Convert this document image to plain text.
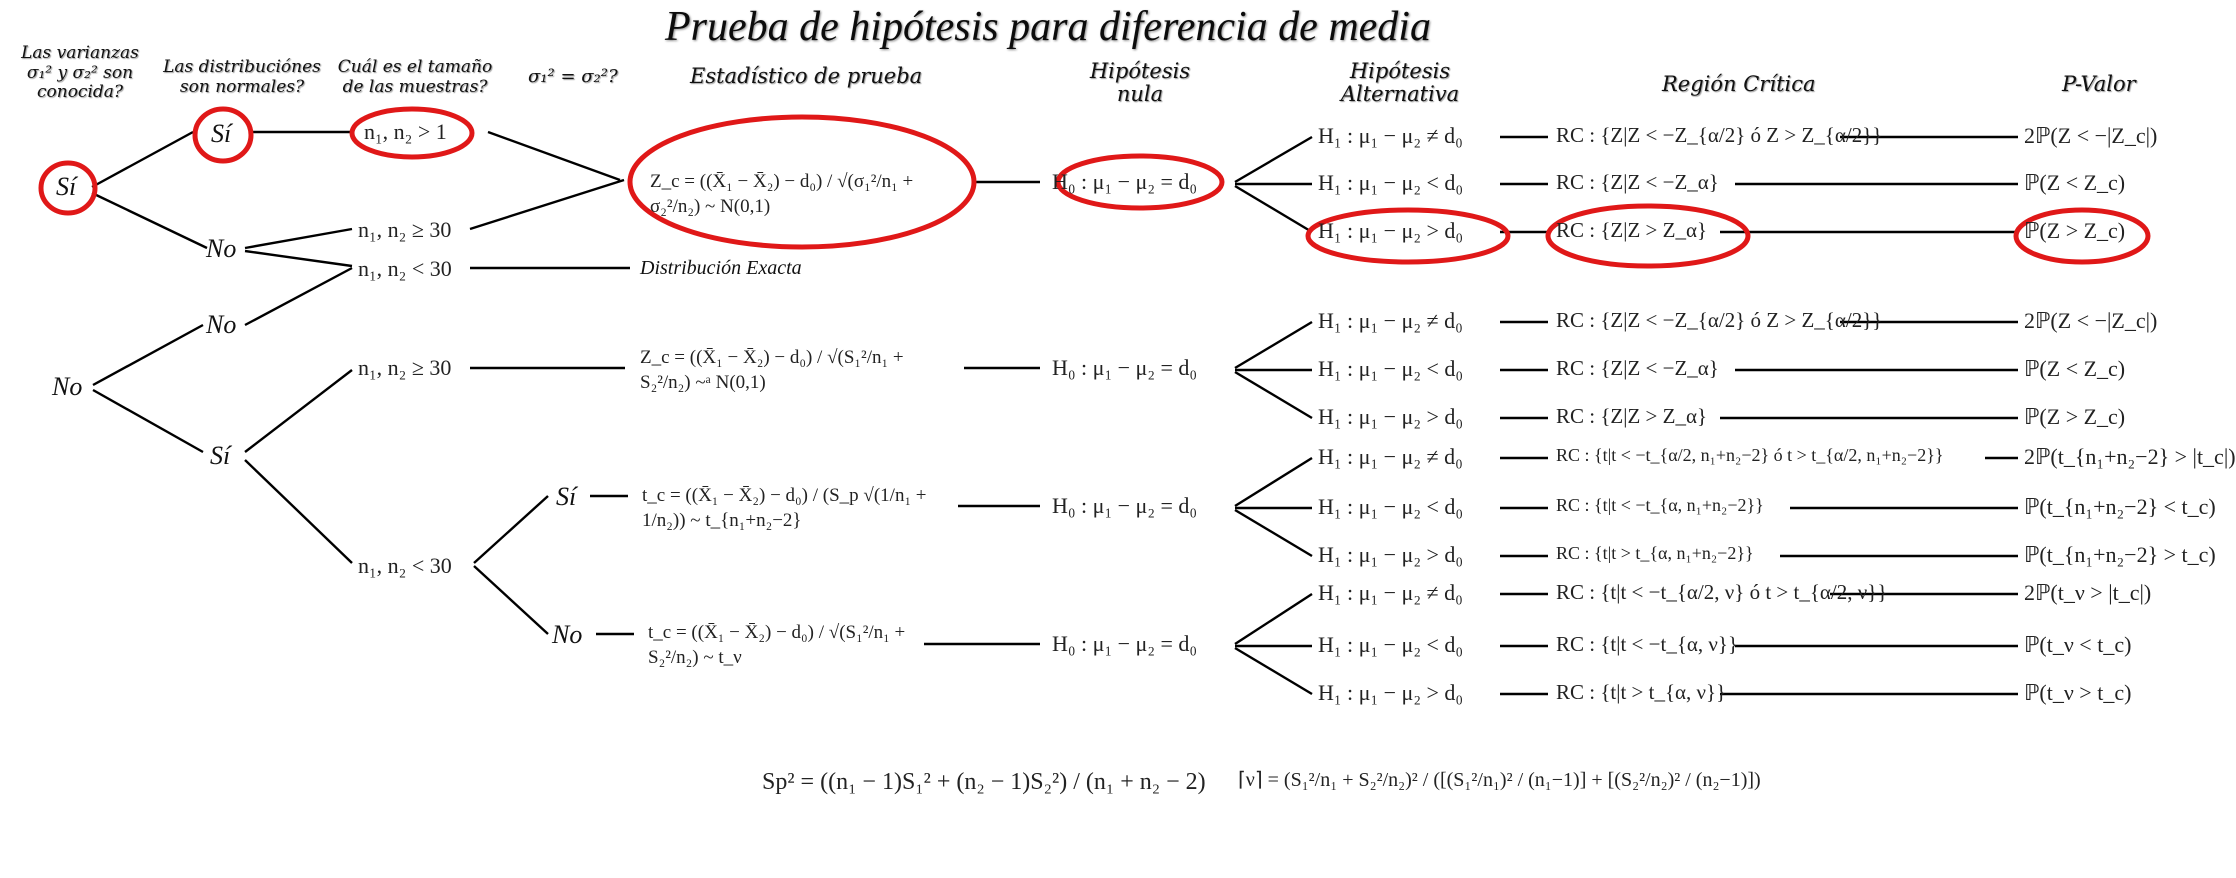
Prueba de hipótesis para diferencia de media
Las varianzas σ₁² y σ₂² son conocida?
Las distribuciónes son normales?
Cuál es el tamaño de las muestras?	σ₁² = σ₂²?	Estadístico de prueba	Hipótesis nula
Hipótesis Alternativa	Región Crítica	P-Valor
Sí
Sí
No
No
No
Sí
Sí
No
n₁, n₂ > 1
n₁, n₂ ≥ 30
n₁, n₂ < 30
n₁, n₂ ≥ 30
n₁, n₂ < 30
Distribución Exacta
Z_c = ((X̄₁ − X̄₂) − d₀) / √(σ₁²/n₁ + σ₂²/n₂) ~ N(0,1)
Z_c = ((X̄₁ − X̄₂) − d₀) / √(S₁²/n₁ + S₂²/n₂) ~ᵃ N(0,1)
t_c = ((X̄₁ − X̄₂) − d₀) / (S_p √(1/n₁ + 1/n₂)) ~ t_{n₁+n₂−2}
t_c = ((X̄₁ − X̄₂) − d₀) / √(S₁²/n₁ + S₂²/n₂) ~ t_ν
H₀ : μ₁ − μ₂ = d₀
H₀ : μ₁ − μ₂ = d₀
H₀ : μ₁ − μ₂ = d₀
H₀ : μ₁ − μ₂ = d₀
H₁ : μ₁ − μ₂ ≠ d₀	RC : {Z|Z < −Z_{α/2} ó Z > Z_{α/2}}	2ℙ(Z < −|Z_c|)
H₁ : μ₁ − μ₂ < d₀	RC : {Z|Z < −Z_α}	ℙ(Z < Z_c)
H₁ : μ₁ − μ₂ > d₀	RC : {Z|Z > Z_α}	ℙ(Z > Z_c)
H₁ : μ₁ − μ₂ ≠ d₀	RC : {Z|Z < −Z_{α/2} ó Z > Z_{α/2}}	2ℙ(Z < −|Z_c|)
H₁ : μ₁ − μ₂ < d₀	RC : {Z|Z < −Z_α}	ℙ(Z < Z_c)
H₁ : μ₁ − μ₂ > d₀	RC : {Z|Z > Z_α}	ℙ(Z > Z_c)
H₁ : μ₁ − μ₂ ≠ d₀	RC : {t|t < −t_{α/2, n₁+n₂−2} ó t > t_{α/2, n₁+n₂−2}}	2ℙ(t_{n₁+n₂−2} > |t_c|)
H₁ : μ₁ − μ₂ < d₀	RC : {t|t < −t_{α, n₁+n₂−2}}	ℙ(t_{n₁+n₂−2} < t_c)
H₁ : μ₁ − μ₂ > d₀	RC : {t|t > t_{α, n₁+n₂−2}}	ℙ(t_{n₁+n₂−2} > t_c)
H₁ : μ₁ − μ₂ ≠ d₀	RC : {t|t < −t_{α/2, ν} ó t > t_{α/2, ν}}	2ℙ(t_ν > |t_c|)
H₁ : μ₁ − μ₂ < d₀	RC : {t|t < −t_{α, ν}}	ℙ(t_ν < t_c)
H₁ : μ₁ − μ₂ > d₀	RC : {t|t > t_{α, ν}}	ℙ(t_ν > t_c)
Sp² = ((n₁ − 1)S₁² + (n₂ − 1)S₂²) / (n₁ + n₂ − 2) ⌈ν⌉ = (S₁²/n₁ + S₂²/n₂)² / ([(S₁²/n₁)² / (n₁−1)] + [(S₂²/n₂)² / (n₂−1)])
